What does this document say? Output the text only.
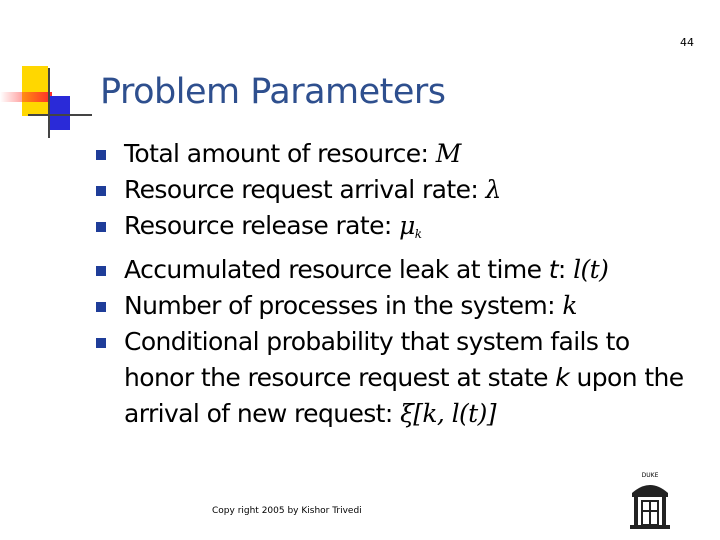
44
Problem Parameters
Total amount of resource: M
Resource request arrival rate: λ
Resource release rate: μk
Accumulated resource leak at time t: l(t)
Number of processes in the system: k
Conditional probability that system fails to honor the resource request at state k upon the arrival of new request: ξ[k, l(t)]
Copy right 2005 by Kishor Trivedi
DUKE
